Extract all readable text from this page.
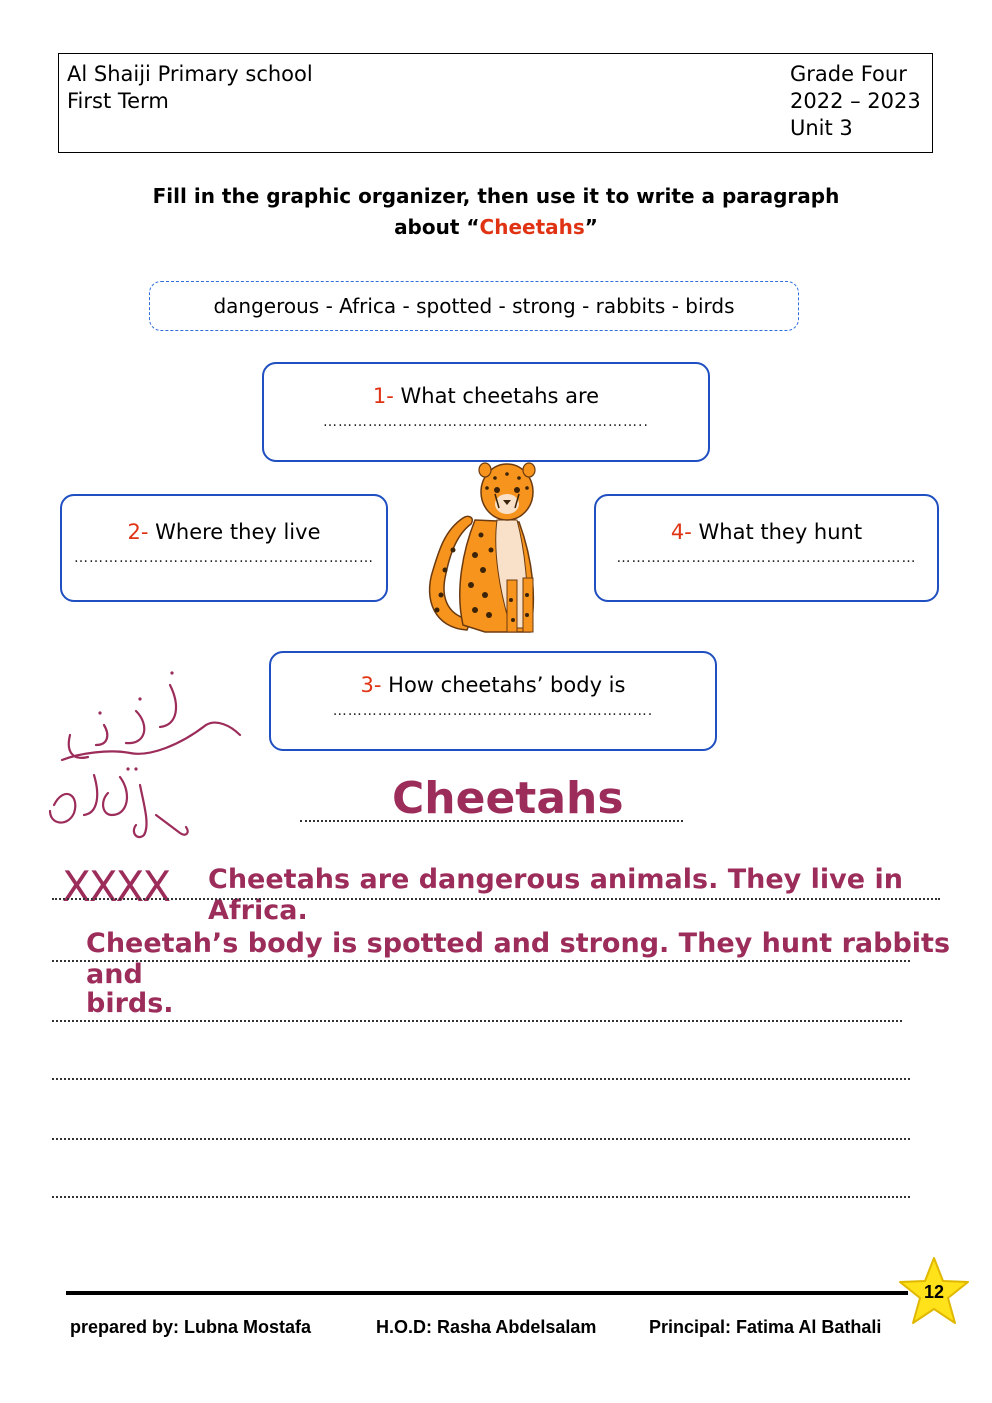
Al Shaiji Primary school
First Term
Grade Four
2022 – 2023
Unit 3
Fill in the graphic organizer, then use it to write a paragraph
about “Cheetahs”
dangerous - Africa - spotted - strong - rabbits - birds
1- What cheetahs are
………………………………………………………..
2- Where they live
……………………………………………………
4- What they hunt
……………………………………………………
3- How cheetahs’ body is
……………………………………………………….
Cheetahs
XXXX Cheetahs are dangerous animals. They live in Africa.
Cheetah’s body is spotted and strong. They hunt rabbits and
birds.
prepared by: Lubna Mostafa	H.O.D: Rasha Abdelsalam	Principal: Fatima Al Bathali
12
